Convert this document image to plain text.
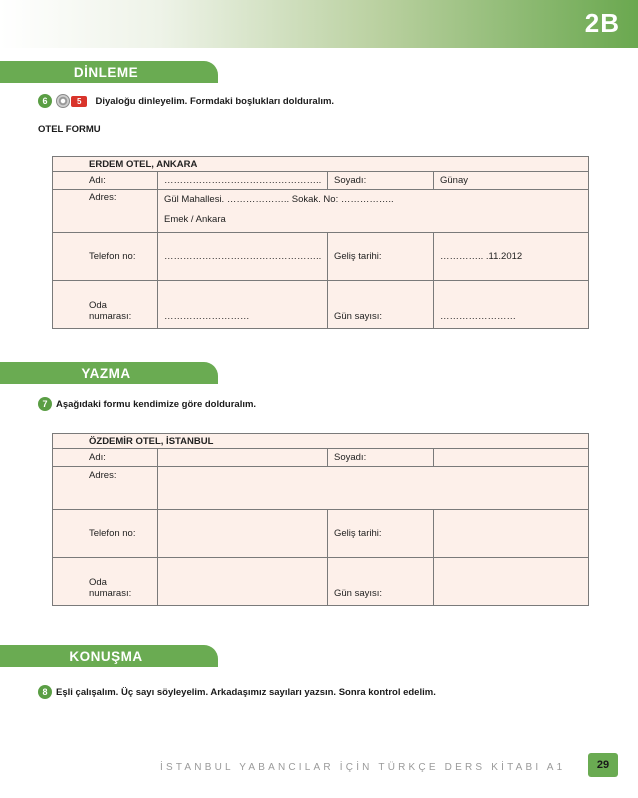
2B
DİNLEME
6	5	Diyaloğu dinleyelim. Formdaki boşlukları dolduralım.
OTEL FORMU
ERDEM OTEL, ANKARA			
Adı:	…………………………………………..	Soyadı:	Günay
Adres:	Gül Mahallesi. ……………….. Sokak. No: ……………..
Emek / Ankara		

Telefon no:	…………………………………………..	Geliş tarihi:	………….. .11.2012
Oda numarası:	………………………	Gün sayısı:	……………………
YAZMA
7 Aşağıdaki formu kendimize göre dolduralım.
ÖZDEMİR OTEL, İSTANBUL			
Adı:		Soyadı:	
Adres:			
Telefon no:		Geliş tarihi:	
Oda numarası:		Gün sayısı:	
KONUŞMA
8 Eşli çalışalım. Üç sayı söyleyelim. Arkadaşımız sayıları yazsın. Sonra kontrol edelim.
İSTANBUL YABANCILAR İÇİN TÜRKÇE DERS KİTABI A1	29
